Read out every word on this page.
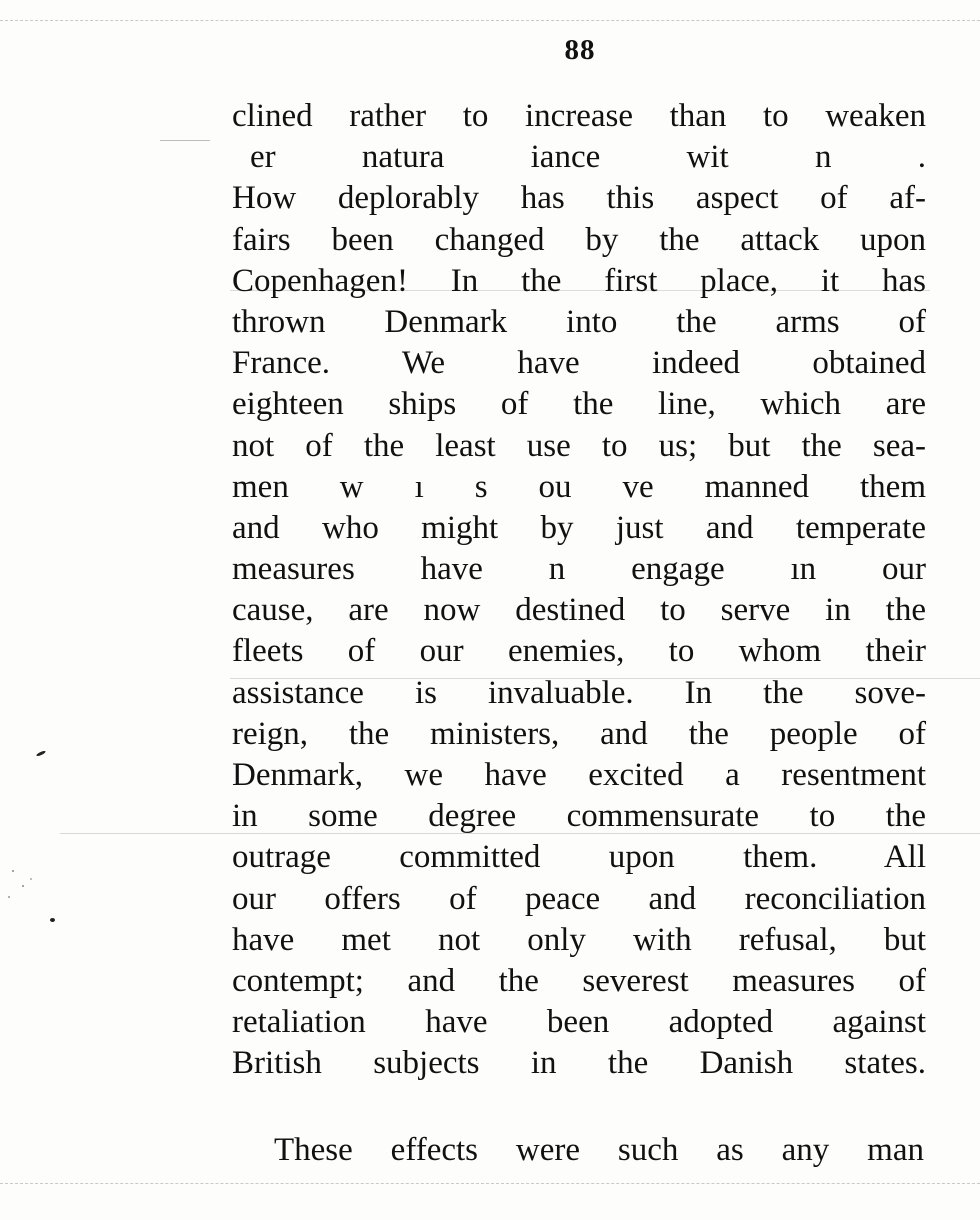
88
clined rather to increase than to weaken
er natura iance wit n .
How deplorably has this aspect of af-
fairs been changed by the attack upon
Copenhagen! In the first place, it has
thrown Denmark into the arms of
France. We have indeed obtained
eighteen ships of the line, which are
not of the least use to us; but the sea-
men w ı s ou ve manned them
and who might by just and temperate
measures have n engage ın our
cause, are now destined to serve in the
fleets of our enemies, to whom their
assistance is invaluable. In the sove-
reign, the ministers, and the people of
Denmark, we have excited a resentment
in some degree commensurate to the
outrage committed upon them. All
our offers of peace and reconciliation
have met not only with refusal, but
contempt; and the severest measures of
retaliation have been adopted against
British subjects in the Danish states.
These effects were such as any man
